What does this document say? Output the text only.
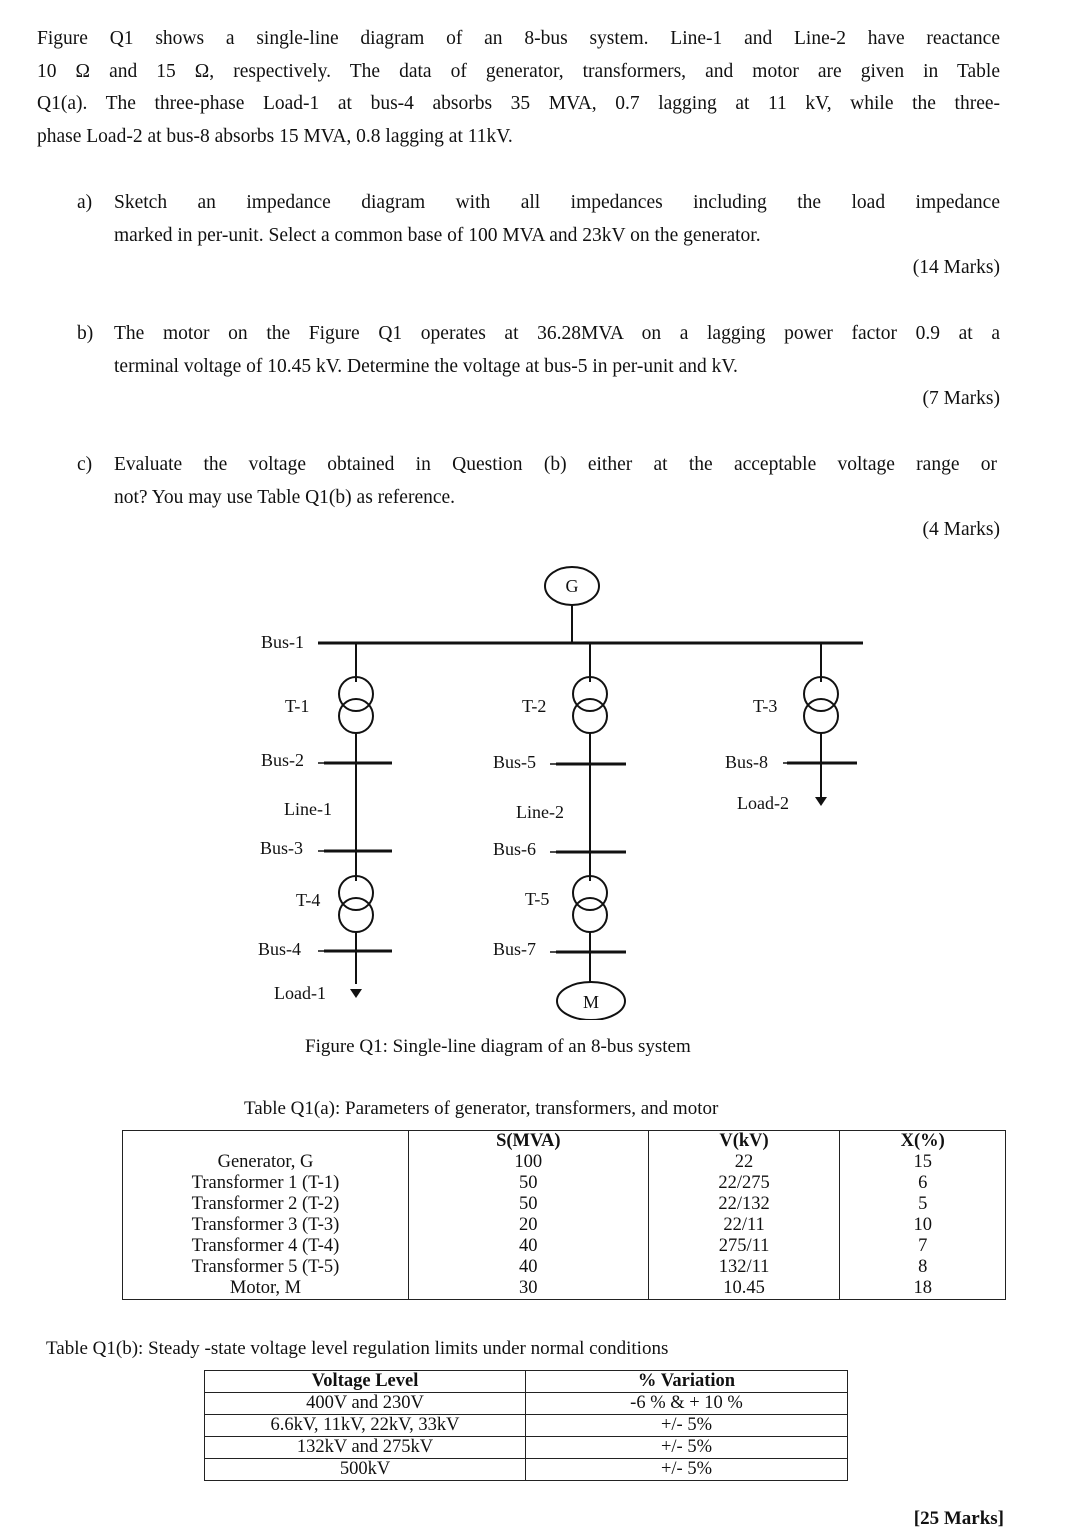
Figure Q1 shows a single-line diagram of an 8-bus system. Line-1 and Line-2 have reactance
10 Ω and 15 Ω, respectively. The data of generator, transformers, and motor are given in Table
Q1(a). The three-phase Load-1 at bus-4 absorbs 35 MVA, 0.7 lagging at 11 kV, while the three-
phase Load-2 at bus-8 absorbs 15 MVA, 0.8 lagging at 11kV.
a) Sketch an impedance diagram with all impedances including the load impedance
marked in per-unit. Select a common base of 100 MVA and 23kV on the generator.
(14 Marks)
b) The motor on the Figure Q1 operates at 36.28MVA on a lagging power factor 0.9 at a
terminal voltage of 10.45 kV. Determine the voltage at bus-5 in per-unit and kV.
(7 Marks)
c) Evaluate the voltage obtained in Question (b) either at the acceptable voltage range or
not? You may use Table Q1(b) as reference.
(4 Marks)
G
M
Bus-1
T-1
Bus-2
Line-1
Bus-3
T-4
Bus-4
Load-1
T-2
Bus-5
Line-2
Bus-6
T-5
Bus-7
T-3
Bus-8
Load-2
Figure Q1: Single-line diagram of an 8-bus system
Table Q1(a): Parameters of generator, transformers, and motor
	S(MVA)	V(kV)	X(%)
Generator, G	100	22	15
Transformer 1 (T-1)	50	22/275	6
Transformer 2 (T-2)	50	22/132	5
Transformer 3 (T-3)	20	22/11	10
Transformer 4 (T-4)	40	275/11	7
Transformer 5 (T-5)	40	132/11	8
Motor, M	30	10.45	18
Table Q1(b): Steady -state voltage level regulation limits under normal conditions
Voltage Level	% Variation
400V and 230V	-6 % & + 10 %
6.6kV, 11kV, 22kV, 33kV	+/- 5%
132kV and 275kV	+/- 5%
500kV	+/- 5%
[25 Marks]
